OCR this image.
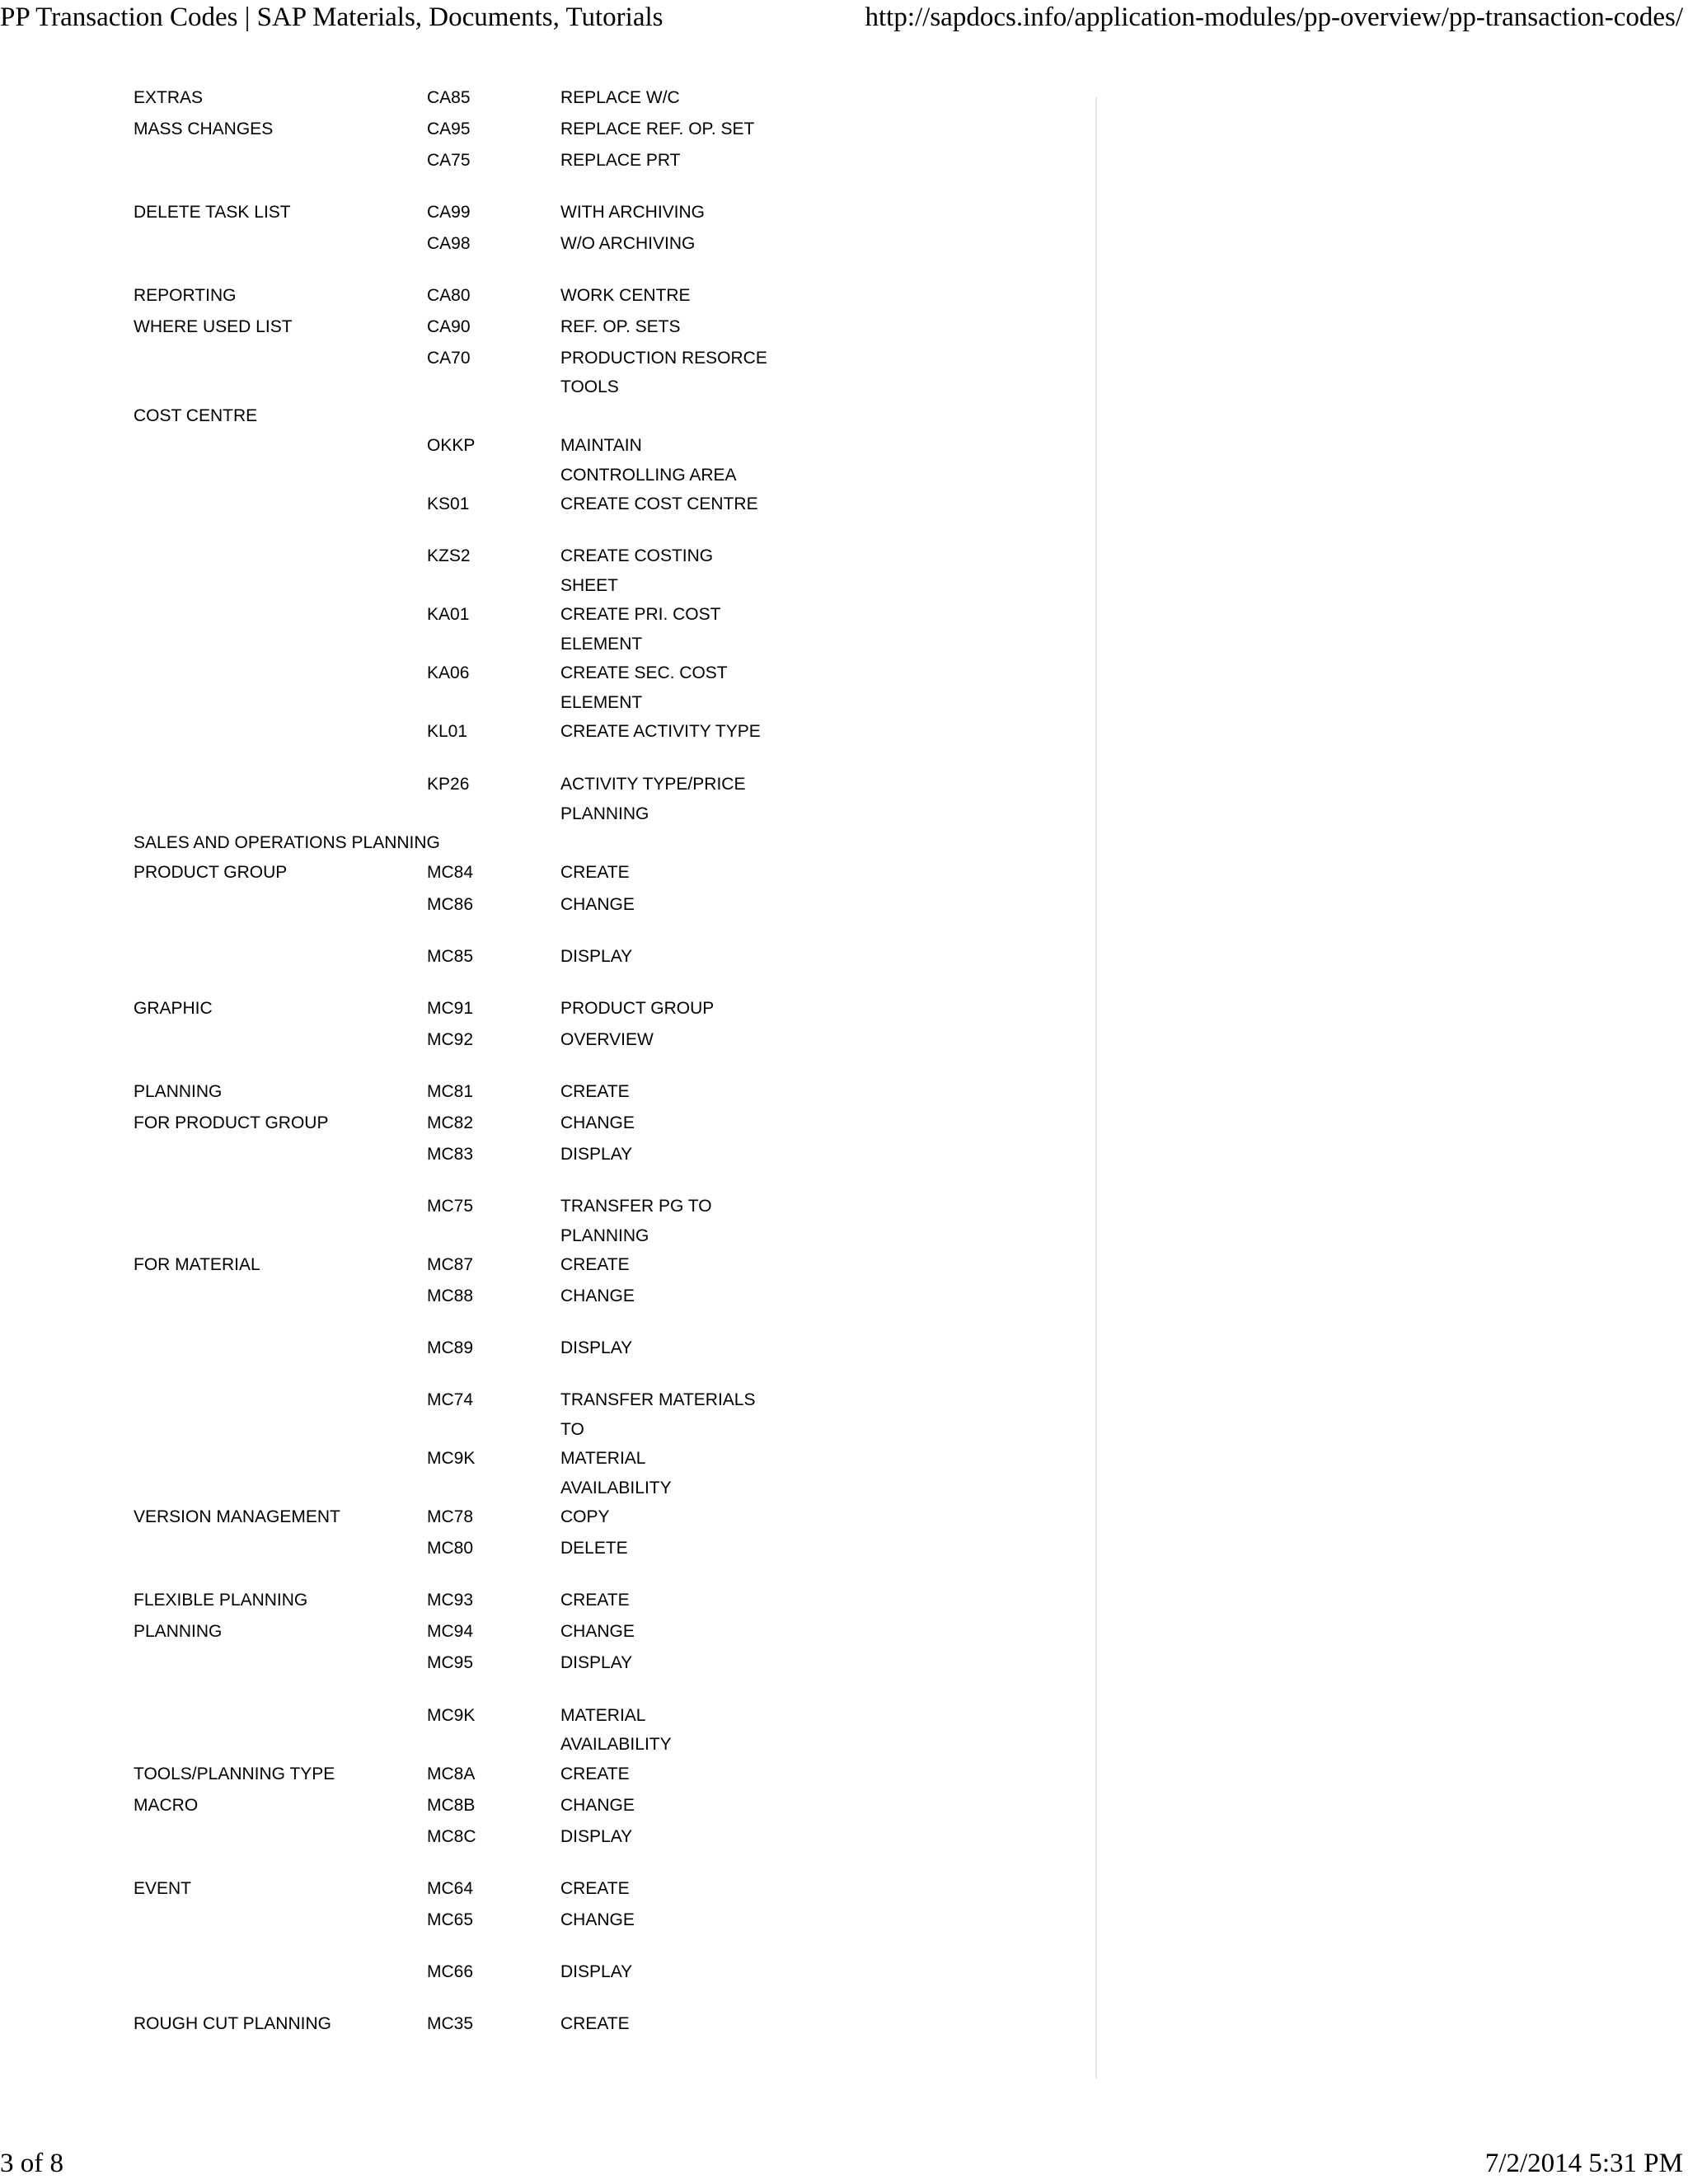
PP Transaction Codes | SAP Materials, Documents, Tutorials	http://sapdocs.info/application-modules/pp-overview/pp-transaction-codes/
EXTRAS	CA85	REPLACE W/C
MASS CHANGES	CA95	REPLACE REF. OP. SET
CA75	REPLACE PRT
DELETE TASK LIST	CA99	WITH ARCHIVING
CA98	W/O ARCHIVING
REPORTING	CA80	WORK CENTRE
WHERE USED LIST	CA90	REF. OP. SETS
CA70	PRODUCTION RESORCE
TOOLS
COST CENTRE
OKKP	MAINTAIN
CONTROLLING AREA
KS01	CREATE COST CENTRE
KZS2	CREATE COSTING
SHEET
KA01	CREATE PRI. COST
ELEMENT
KA06	CREATE SEC. COST
ELEMENT
KL01	CREATE ACTIVITY TYPE
KP26	ACTIVITY TYPE/PRICE
PLANNING
SALES AND OPERATIONS PLANNING
PRODUCT GROUP	MC84	CREATE
MC86	CHANGE
MC85	DISPLAY
GRAPHIC	MC91	PRODUCT GROUP
MC92	OVERVIEW
PLANNING	MC81	CREATE
FOR PRODUCT GROUP	MC82	CHANGE
MC83	DISPLAY
MC75	TRANSFER PG TO
PLANNING
FOR MATERIAL	MC87	CREATE
MC88	CHANGE
MC89	DISPLAY
MC74	TRANSFER MATERIALS
TO
MC9K	MATERIAL
AVAILABILITY
VERSION MANAGEMENT	MC78	COPY
MC80	DELETE
FLEXIBLE PLANNING	MC93	CREATE
PLANNING	MC94	CHANGE
MC95	DISPLAY
MC9K	MATERIAL
AVAILABILITY
TOOLS/PLANNING TYPE	MC8A	CREATE
MACRO	MC8B	CHANGE
MC8C	DISPLAY
EVENT	MC64	CREATE
MC65	CHANGE
MC66	DISPLAY
ROUGH CUT PLANNING	MC35	CREATE
3 of 8	7/2/2014 5:31 PM
